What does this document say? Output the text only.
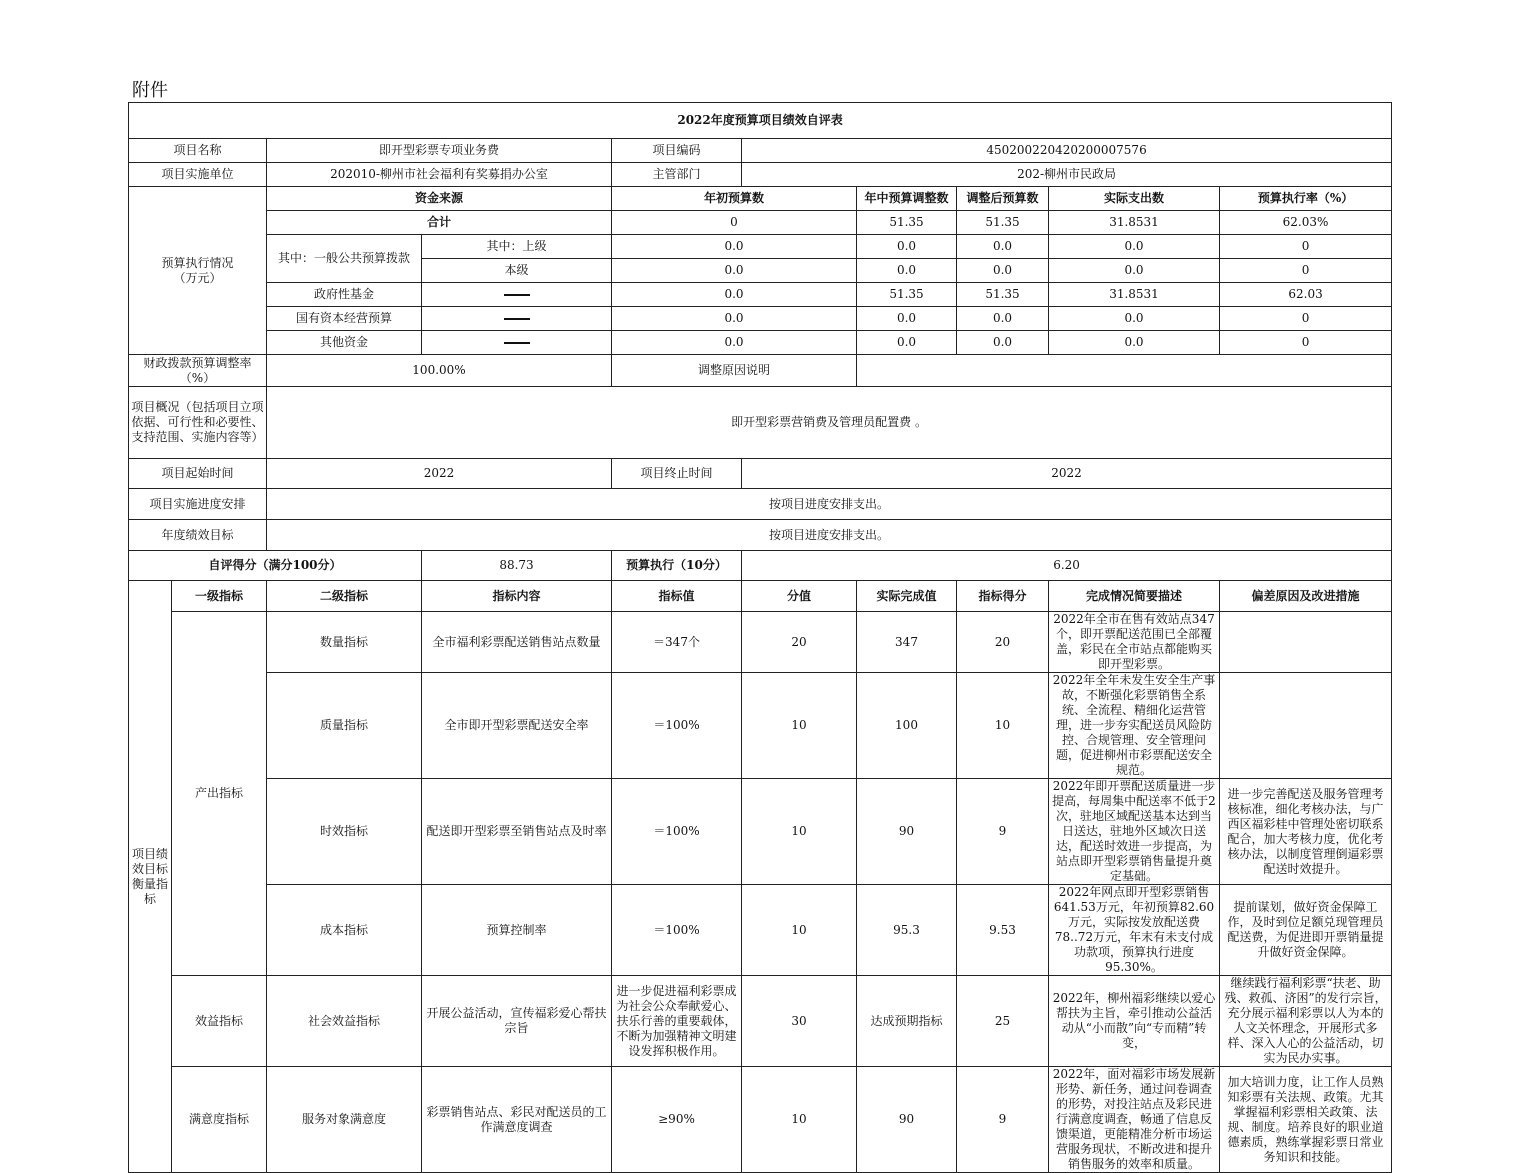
附件
2022年度预算项目绩效自评表									
项目名称		即开型彩票专项业务费		项目编码	450200220420200007576				
项目实施单位		202010-柳州市社会福利有奖募捐办公室		主管部门	202-柳州市民政局				
预算执行情况
（万元）		资金来源		年初预算数		年中预算调整数	调整后预算数	实际支出数	预算执行率（%）
		合计		0		51.35	51.35	31.8531	62.03%
		其中：一般公共预算拨款	其中：上级	0.0		0.0	0.0	0.0	0
			本级	0.0		0.0	0.0	0.0	0
		政府性基金		0.0		51.35	51.35	31.8531	62.03
		国有资本经营预算		0.0		0.0	0.0	0.0	0
		其他资金		0.0		0.0	0.0	0.0	0
财政拨款预算调整率（%）		100.00%		调整原因说明					
项目概况（包括项目立项依据、可行性和必要性、支持范围、实施内容等）		即开型彩票营销费及管理员配置费 。							
项目起始时间		2022		项目终止时间	2022				
项目实施进度安排		按项目进度安排支出。							
年度绩效目标		按项目进度安排支出。							
自评得分（满分100分）			88.73	预算执行（10分）	6.20				
项目绩效目标衡量指标	一级指标	二级指标	指标内容	指标值	分值	实际完成值	指标得分	完成情况简要描述	偏差原因及改进措施
	产出指标	数量指标	全市福利彩票配送销售站点数量	＝347个	20	347	20	2022年全市在售有效站点347个，即开票配送范围已全部覆盖，彩民在全市站点都能购买即开型彩票。	
		质量指标	全市即开型彩票配送安全率	＝100%	10	100	10	2022年全年未发生安全生产事故，不断强化彩票销售全系统、全流程、精细化运营管理，进一步夯实配送员风险防控、合规管理、安全管理问题，促进柳州市彩票配送安全规范。	
		时效指标	配送即开型彩票至销售站点及时率	＝100%	10	90	9	2022年即开票配送质量进一步提高，每周集中配送率不低于2次，驻地区域配送基本达到当日送达，驻地外区域次日送达，配送时效进一步提高，为站点即开型彩票销售量提升奠定基础。	进一步完善配送及服务管理考核标准，细化考核办法，与广西区福彩桂中管理处密切联系配合，加大考核力度，优化考核办法，以制度管理倒逼彩票配送时效提升。
		成本指标	预算控制率	＝100%	10	95.3	9.53	2022年网点即开型彩票销售641.53万元，年初预算82.60万元，实际按发放配送费78..72万元，年末有未支付成功款项，预算执行进度95.30%。	提前谋划，做好资金保障工作，及时到位足额兑现管理员配送费，为促进即开票销量提升做好资金保障。
	效益指标	社会效益指标	开展公益活动，宣传福彩爱心帮扶宗旨	进一步促进福利彩票成为社会公众奉献爱心、扶乐行善的重要载体，不断为加强精神文明建设发挥积极作用。	30	达成预期指标	25	2022年，柳州福彩继续以爱心帮扶为主旨，牵引推动公益活动从“小而散”向“专而精”转变，	继续践行福利彩票“扶老、助残、救孤、济困”的发行宗旨，充分展示福利彩票以人为本的人文关怀理念，开展形式多样、深入人心的公益活动，切实为民办实事。
	满意度指标	服务对象满意度	彩票销售站点、彩民对配送员的工作满意度调查	≥90%	10	90	9	2022年，面对福彩市场发展新形势、新任务，通过问卷调查的形势，对投注站点及彩民进行满意度调查，畅通了信息反馈渠道，更能精准分析市场运营服务现状，不断改进和提升销售服务的效率和质量。	加大培训力度，让工作人员熟知彩票有关法规、政策。尤其掌握福利彩票相关政策、法规、制度。培养良好的职业道德素质，熟练掌握彩票日常业务知识和技能。
